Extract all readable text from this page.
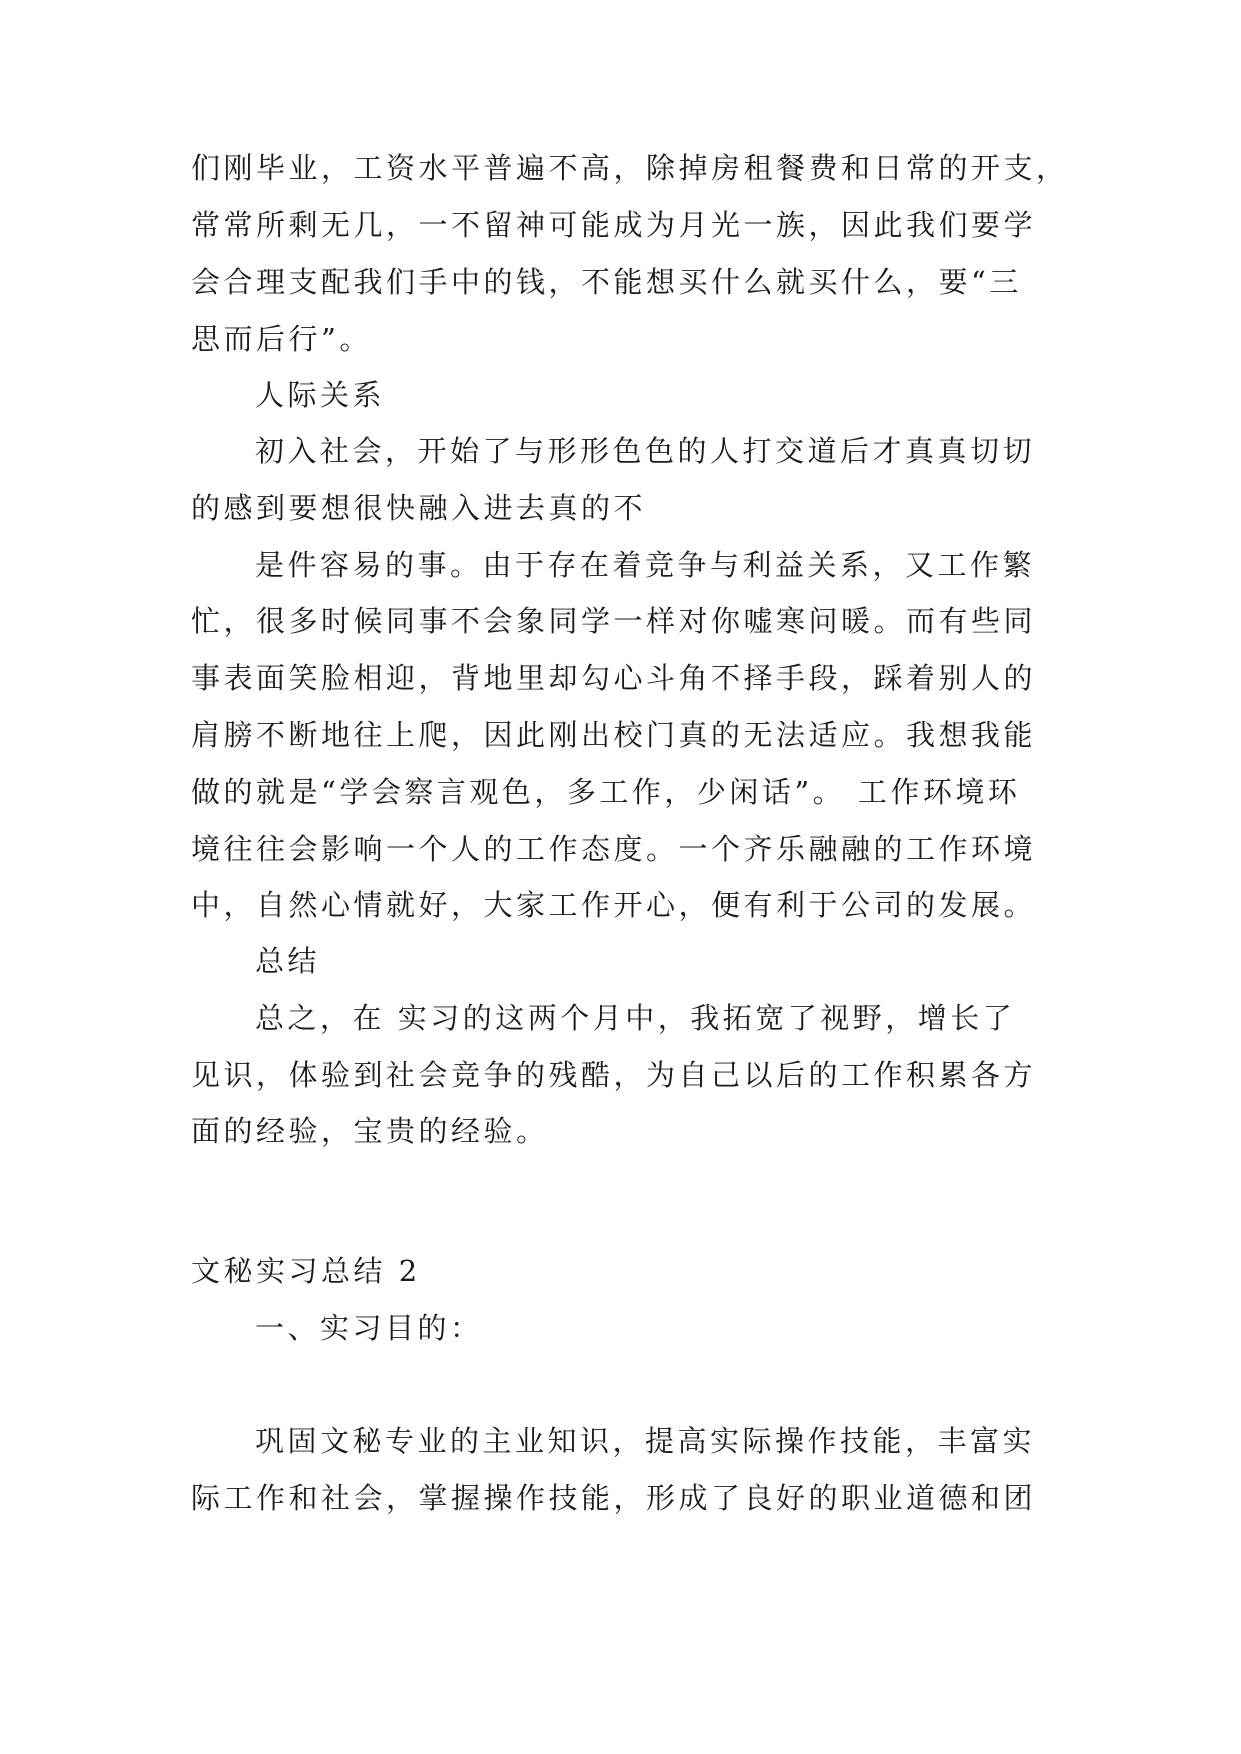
们刚毕业，工资水平普遍不高，除掉房租餐费和日常的开支，
常常所剩无几，一不留神可能成为月光一族，因此我们要学
会合理支配我们手中的钱，不能想买什么就买什么，要“三
思而后行”。
人际关系
初入社会，开始了与形形色色的人打交道后才真真切切
的感到要想很快融入进去真的不
是件容易的事。由于存在着竞争与利益关系，又工作繁
忙，很多时候同事不会象同学一样对你嘘寒问暖。而有些同
事表面笑脸相迎，背地里却勾心斗角不择手段，踩着别人的
肩膀不断地往上爬，因此刚出校门真的无法适应。我想我能
做的就是“学会察言观色，多工作，少闲话”。 工作环境环
境往往会影响一个人的工作态度。一个齐乐融融的工作环境
中，自然心情就好，大家工作开心，便有利于公司的发展。
总结
总之，在 实习的这两个月中，我拓宽了视野，增长了
见识，体验到社会竞争的残酷，为自己以后的工作积累各方
面的经验，宝贵的经验。
文秘实习总结 2
一、实习目的：
巩固文秘专业的主业知识，提高实际操作技能，丰富实
际工作和社会，掌握操作技能，形成了良好的职业道德和团
